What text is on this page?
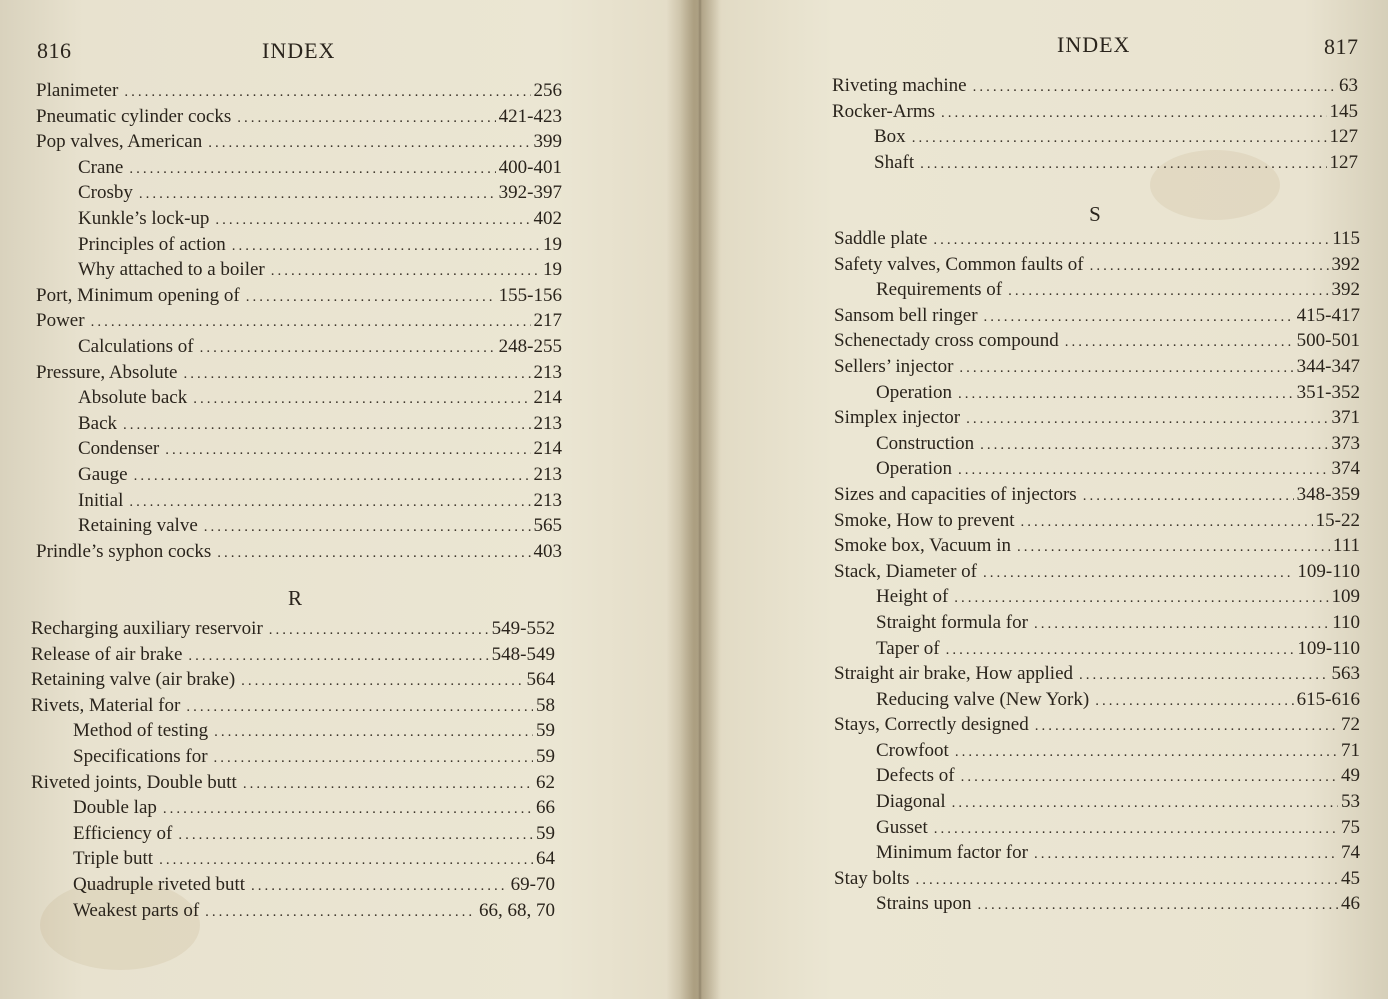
816	INDEX
Planimeter .....	256
Pneumatic cylinder cocks .....	421-423
Pop valves, American .....	399
Crane .....	400-401
Crosby .....	392-397
Kunkle’s lock-up .....	402
Principles of action .....	19
Why attached to a boiler .....	19
Port, Minimum opening of .....	155-156
Power .....	217
Calculations of .....	248-255
Pressure, Absolute .....	213
Absolute back .....	214
Back .....	213
Condenser .....	214
Gauge .....	213
Initial .....	213
Retaining valve .....	565
Prindle’s syphon cocks .....	403
R
Recharging auxiliary reservoir .....	549-552
Release of air brake .....	548-549
Retaining valve (air brake) .....	564
Rivets, Material for .....	58
Method of testing .....	59
Specifications for .....	59
Riveted joints, Double butt .....	62
Double lap .....	66
Efficiency of .....	59
Triple butt .....	64
Quadruple riveted butt .....	69-70
Weakest parts of .....	66, 68, 70
INDEX	817
Riveting machine .....	63
Rocker-Arms .....	145
Box .....	127
Shaft .....	127
S
Saddle plate .....	115
Safety valves, Common faults of .....	392
Requirements of .....	392
Sansom bell ringer .....	415-417
Schenectady cross compound .....	500-501
Sellers’ injector .....	344-347
Operation .....	351-352
Simplex injector .....	371
Construction .....	373
Operation .....	374
Sizes and capacities of injectors .....	348-359
Smoke, How to prevent .....	15-22
Smoke box, Vacuum in .....	111
Stack, Diameter of .....	109-110
Height of .....	109
Straight formula for .....	110
Taper of .....	109-110
Straight air brake, How applied .....	563
Reducing valve (New York) .....	615-616
Stays, Correctly designed .....	72
Crowfoot .....	71
Defects of .....	49
Diagonal .....	53
Gusset .....	75
Minimum factor for .....	74
Stay bolts .....	45
Strains upon .....	46
